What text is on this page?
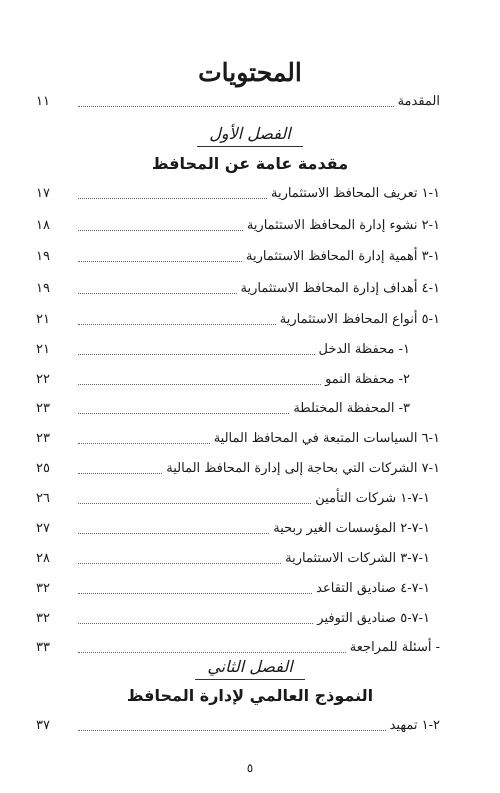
المحتويات
المقدمة
١١
الفصل الأول
مقدمة عامة عن المحافظ
١-١ تعريف المحافظ الاستثمارية
١٧
١-٢ نشوء إدارة المحافظ الاستثمارية
١٨
١-٣ أهمية إدارة المحافظ الاستثمارية
١٩
١-٤ أهداف إدارة المحافظ الاستثمارية
١٩
١-٥ أنواع المحافظ الاستثمارية
٢١
١- محفظة الدخل
٢١
٢- محفظة النمو
٢٢
٣- المحفظة المختلطة
٢٣
١-٦ السياسات المتبعة في المحافظ المالية
٢٣
١-٧ الشركات التي بحاجة إلى إدارة المحافظ المالية
٢٥
١-٧-١ شركات التأمين
٢٦
١-٧-٢ المؤسسات الغير ربحية
٢٧
١-٧-٣ الشركات الاستثمارية
٢٨
١-٧-٤ صناديق التقاعد
٣٢
١-٧-٥ صناديق التوفير
٣٢
- أسئلة للمراجعة
٣٣
الفصل الثاني
النموذج العالمي لإدارة المحافظ
٢-١ تمهيد
٣٧
٥
